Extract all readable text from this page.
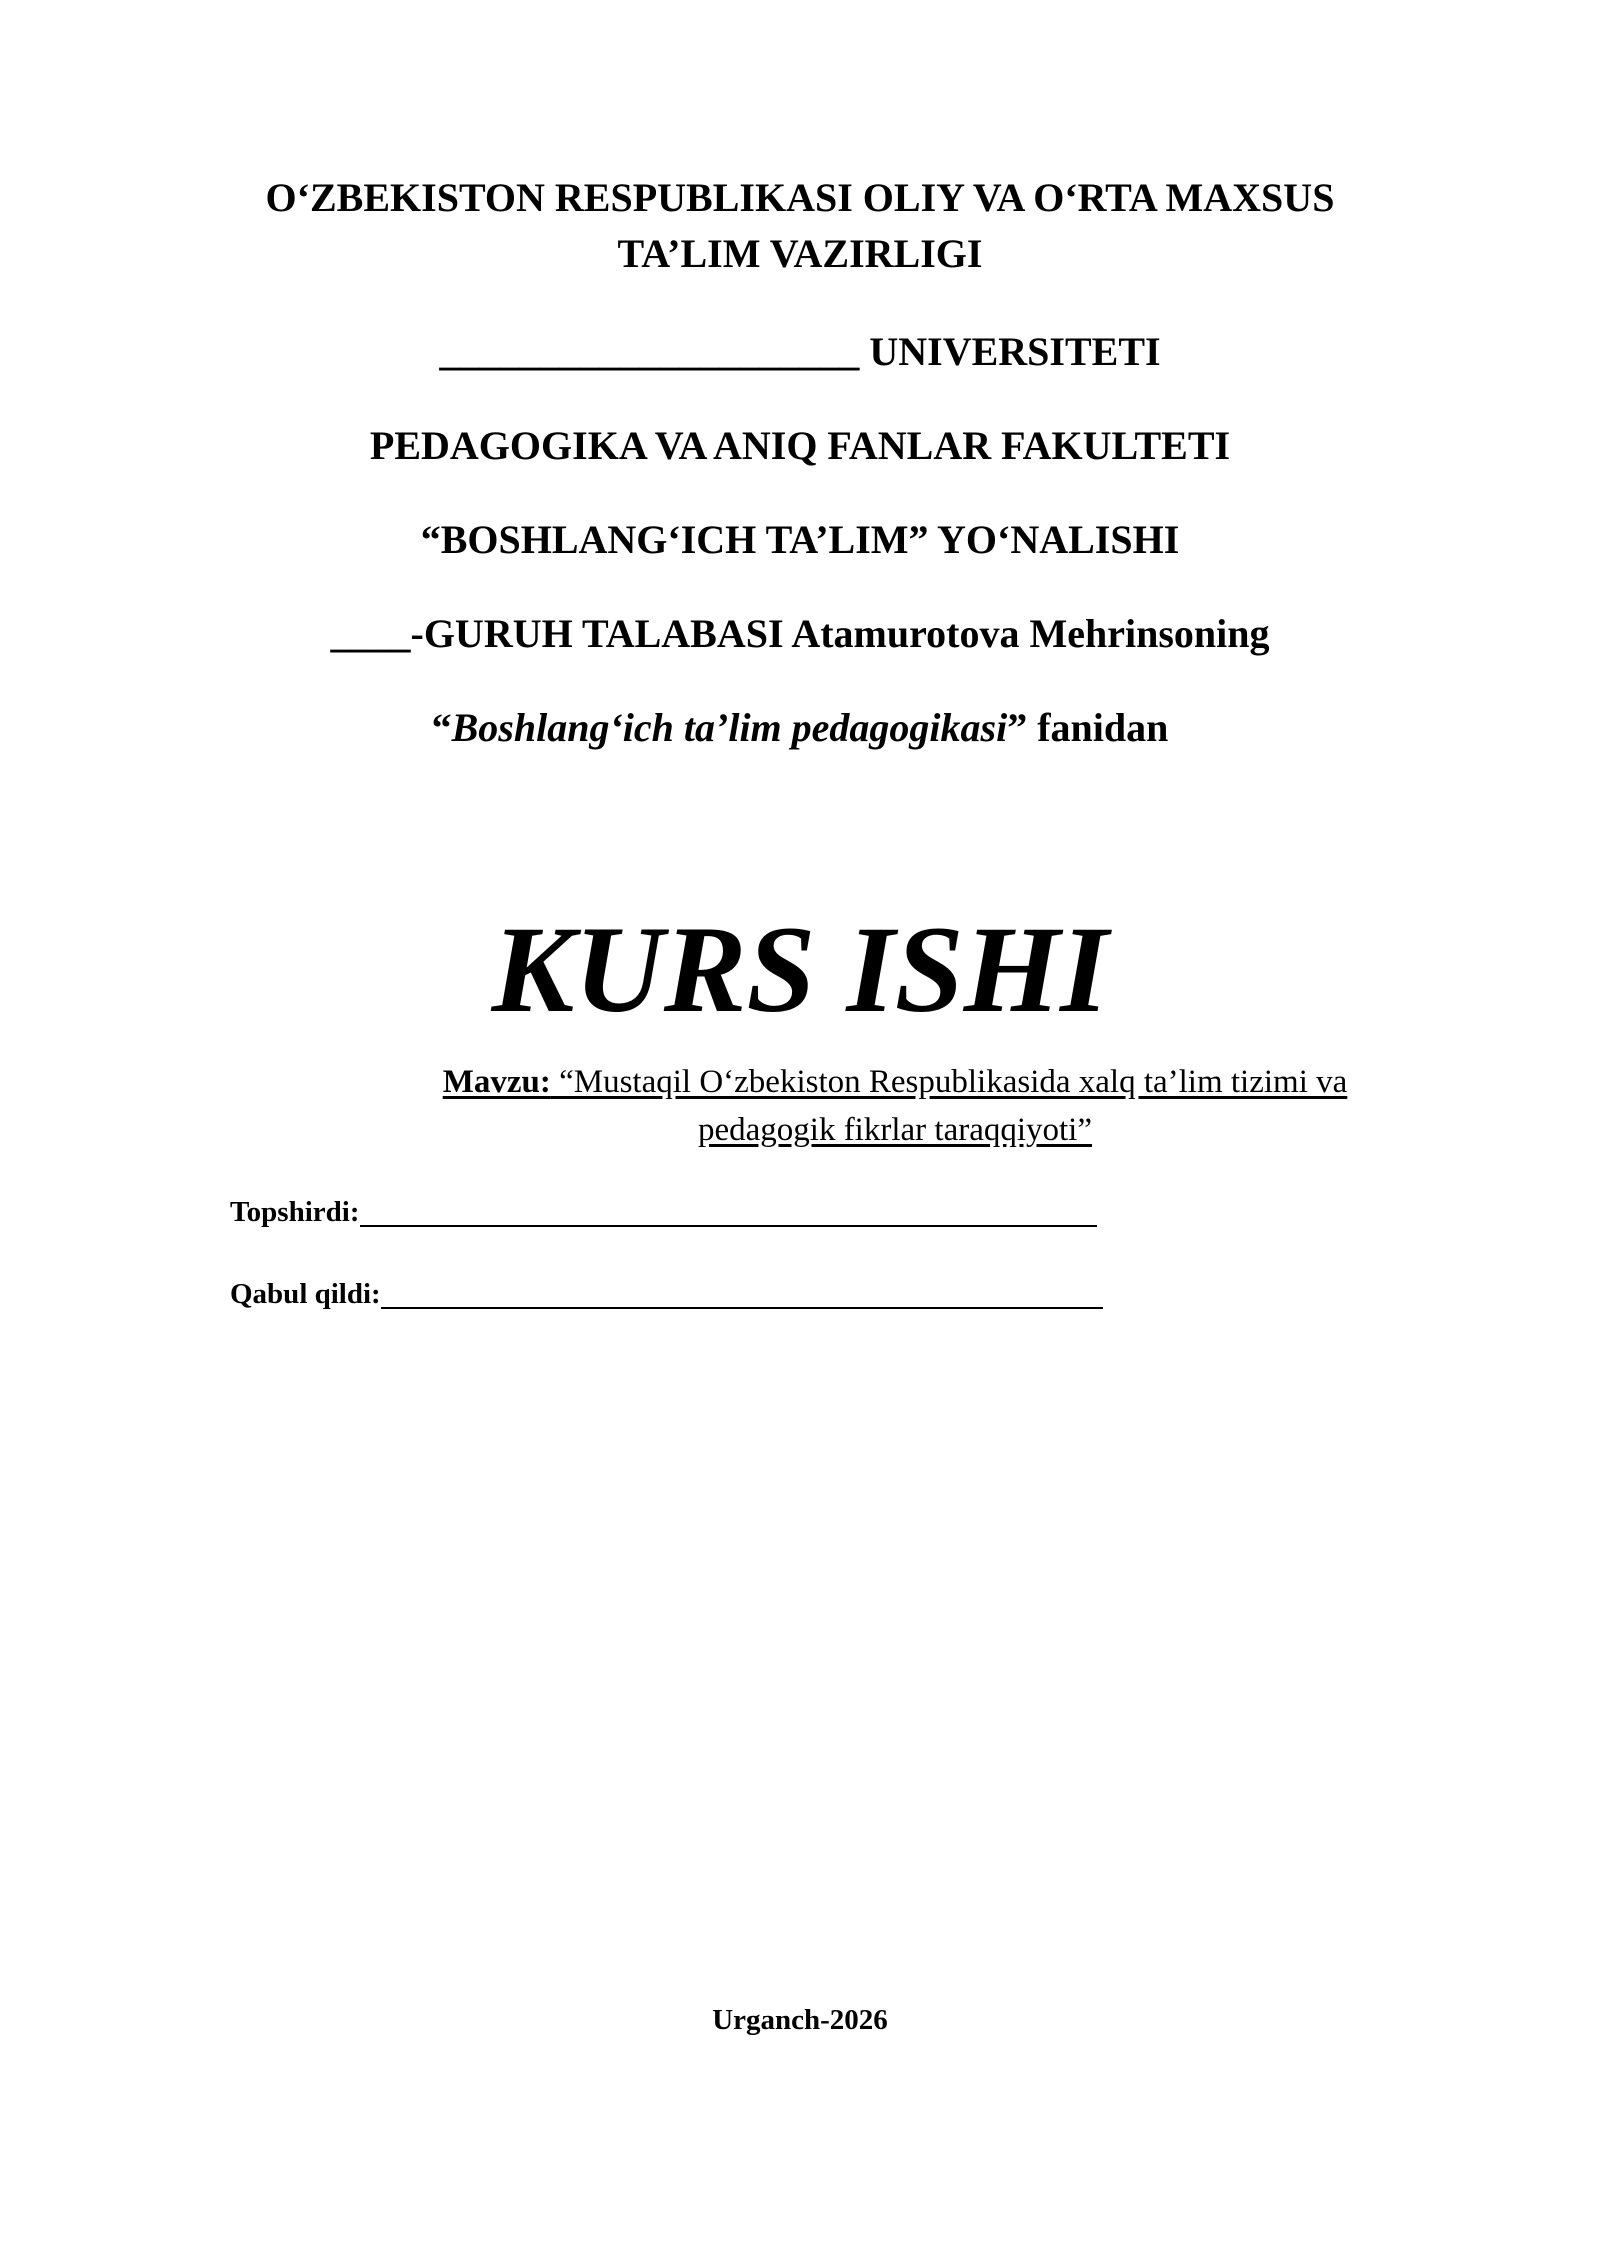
O‘ZBEKISTON RESPUBLIKASI OLIY VA O‘RTA MAXSUS
TA’LIM VAZIRLIGI
_____________________ UNIVERSITETI
PEDAGOGIKA VA ANIQ FANLAR FAKULTETI
“BOSHLANG‘ICH TA’LIM” YO‘NALISHI
____-GURUH TALABASI Atamurotova Mehrinsoning
“Boshlang‘ich ta’lim pedagogikasi” fanidan
KURS ISHI
Mavzu: “Mustaqil O‘zbekiston Respublikasida xalq ta’lim tizimi va pedagogik fikrlar taraqqiyoti”
Topshirdi:
Qabul qildi:
Urganch-2026
